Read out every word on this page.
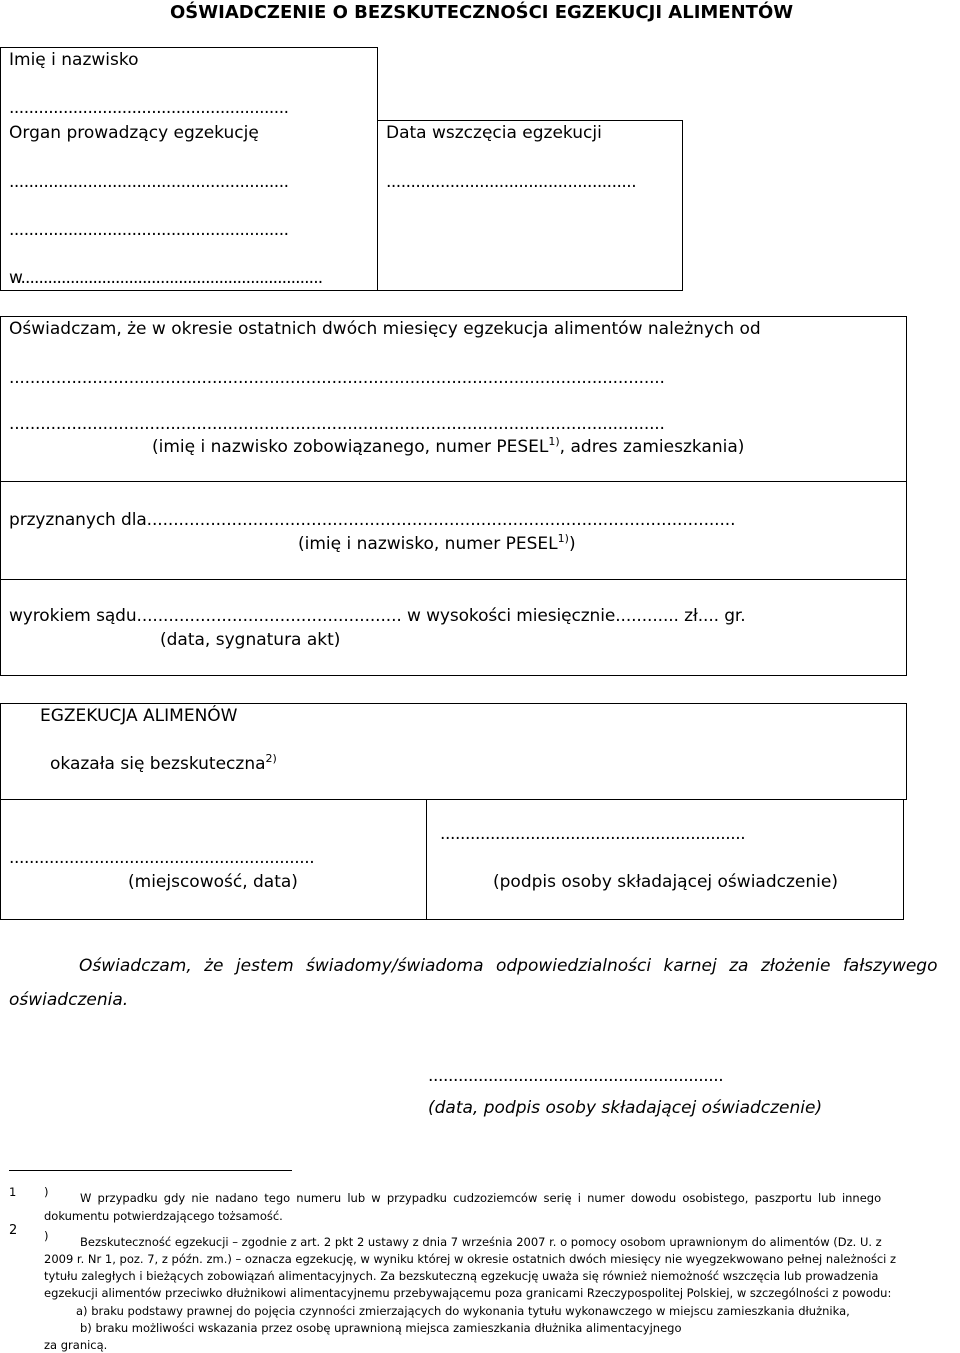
OŚWIADCZENIE O BEZSKUTECZNOŚCI EGZEKUCJI ALIMENTÓW
Imię i nazwisko
.........................................................
Organ prowadzący egzekucję
.........................................................
.........................................................
w...................................................................
Data wszczęcia egzekucji
...................................................
Oświadczam, że w okresie ostatnich dwóch miesięcy egzekucja alimentów należnych od
..............................................................................................................................
..............................................................................................................................
(imię i nazwisko zobowiązanego, numer PESEL$^{1)}$, adres zamieszkania)
przyznanych dla...............................................................................................................
(imię i nazwisko, numer PESEL$^{1)}$)
wyrokiem sądu.................................................. w wysokości miesięcznie............ zł.... gr.
(data, sygnatura akt)
EGZEKUCJA ALIMENÓW
okazała się bezskuteczna$^{2)}$
.............................................................
(miejscowość, data)
.............................................................
(podpis osoby składającej oświadczenie)
Oświadczam, że jestem świadomy/świadoma odpowiedzialności karnej za złożenie fałszywego
oświadczenia.
...........................................................
(data, podpis osoby składającej oświadczenie)
1 )	W przypadku gdy nie nadano tego numeru lub w przypadku cudzoziemców serię i numer dowodu osobistego, paszportu lub innego
dokumentu potwierdzającego tożsamość.
2 )	Bezskuteczność egzekucji – zgodnie z art. 2 pkt 2 ustawy z dnia 7 września 2007 r. o pomocy osobom uprawnionym do alimentów (Dz. U. z
2009 r. Nr 1, poz. 7, z późn. zm.) – oznacza egzekucję, w wyniku której w okresie ostatnich dwóch miesięcy nie wyegzekwowano pełnej należności z
tytułu zaległych i bieżących zobowiązań alimentacyjnych. Za bezskuteczną egzekucję uważa się również niemożność wszczęcia lub prowadzenia
egzekucji alimentów przeciwko dłużnikowi alimentacyjnemu przebywającemu poza granicami Rzeczypospolitej Polskiej, w szczególności z powodu:
a) braku podstawy prawnej do pojęcia czynności zmierzających do wykonania tytułu wykonawczego w miejscu zamieszkania dłużnika,
b) braku możliwości wskazania przez osobę uprawnioną miejsca zamieszkania dłużnika alimentacyjnego
za granicą.
